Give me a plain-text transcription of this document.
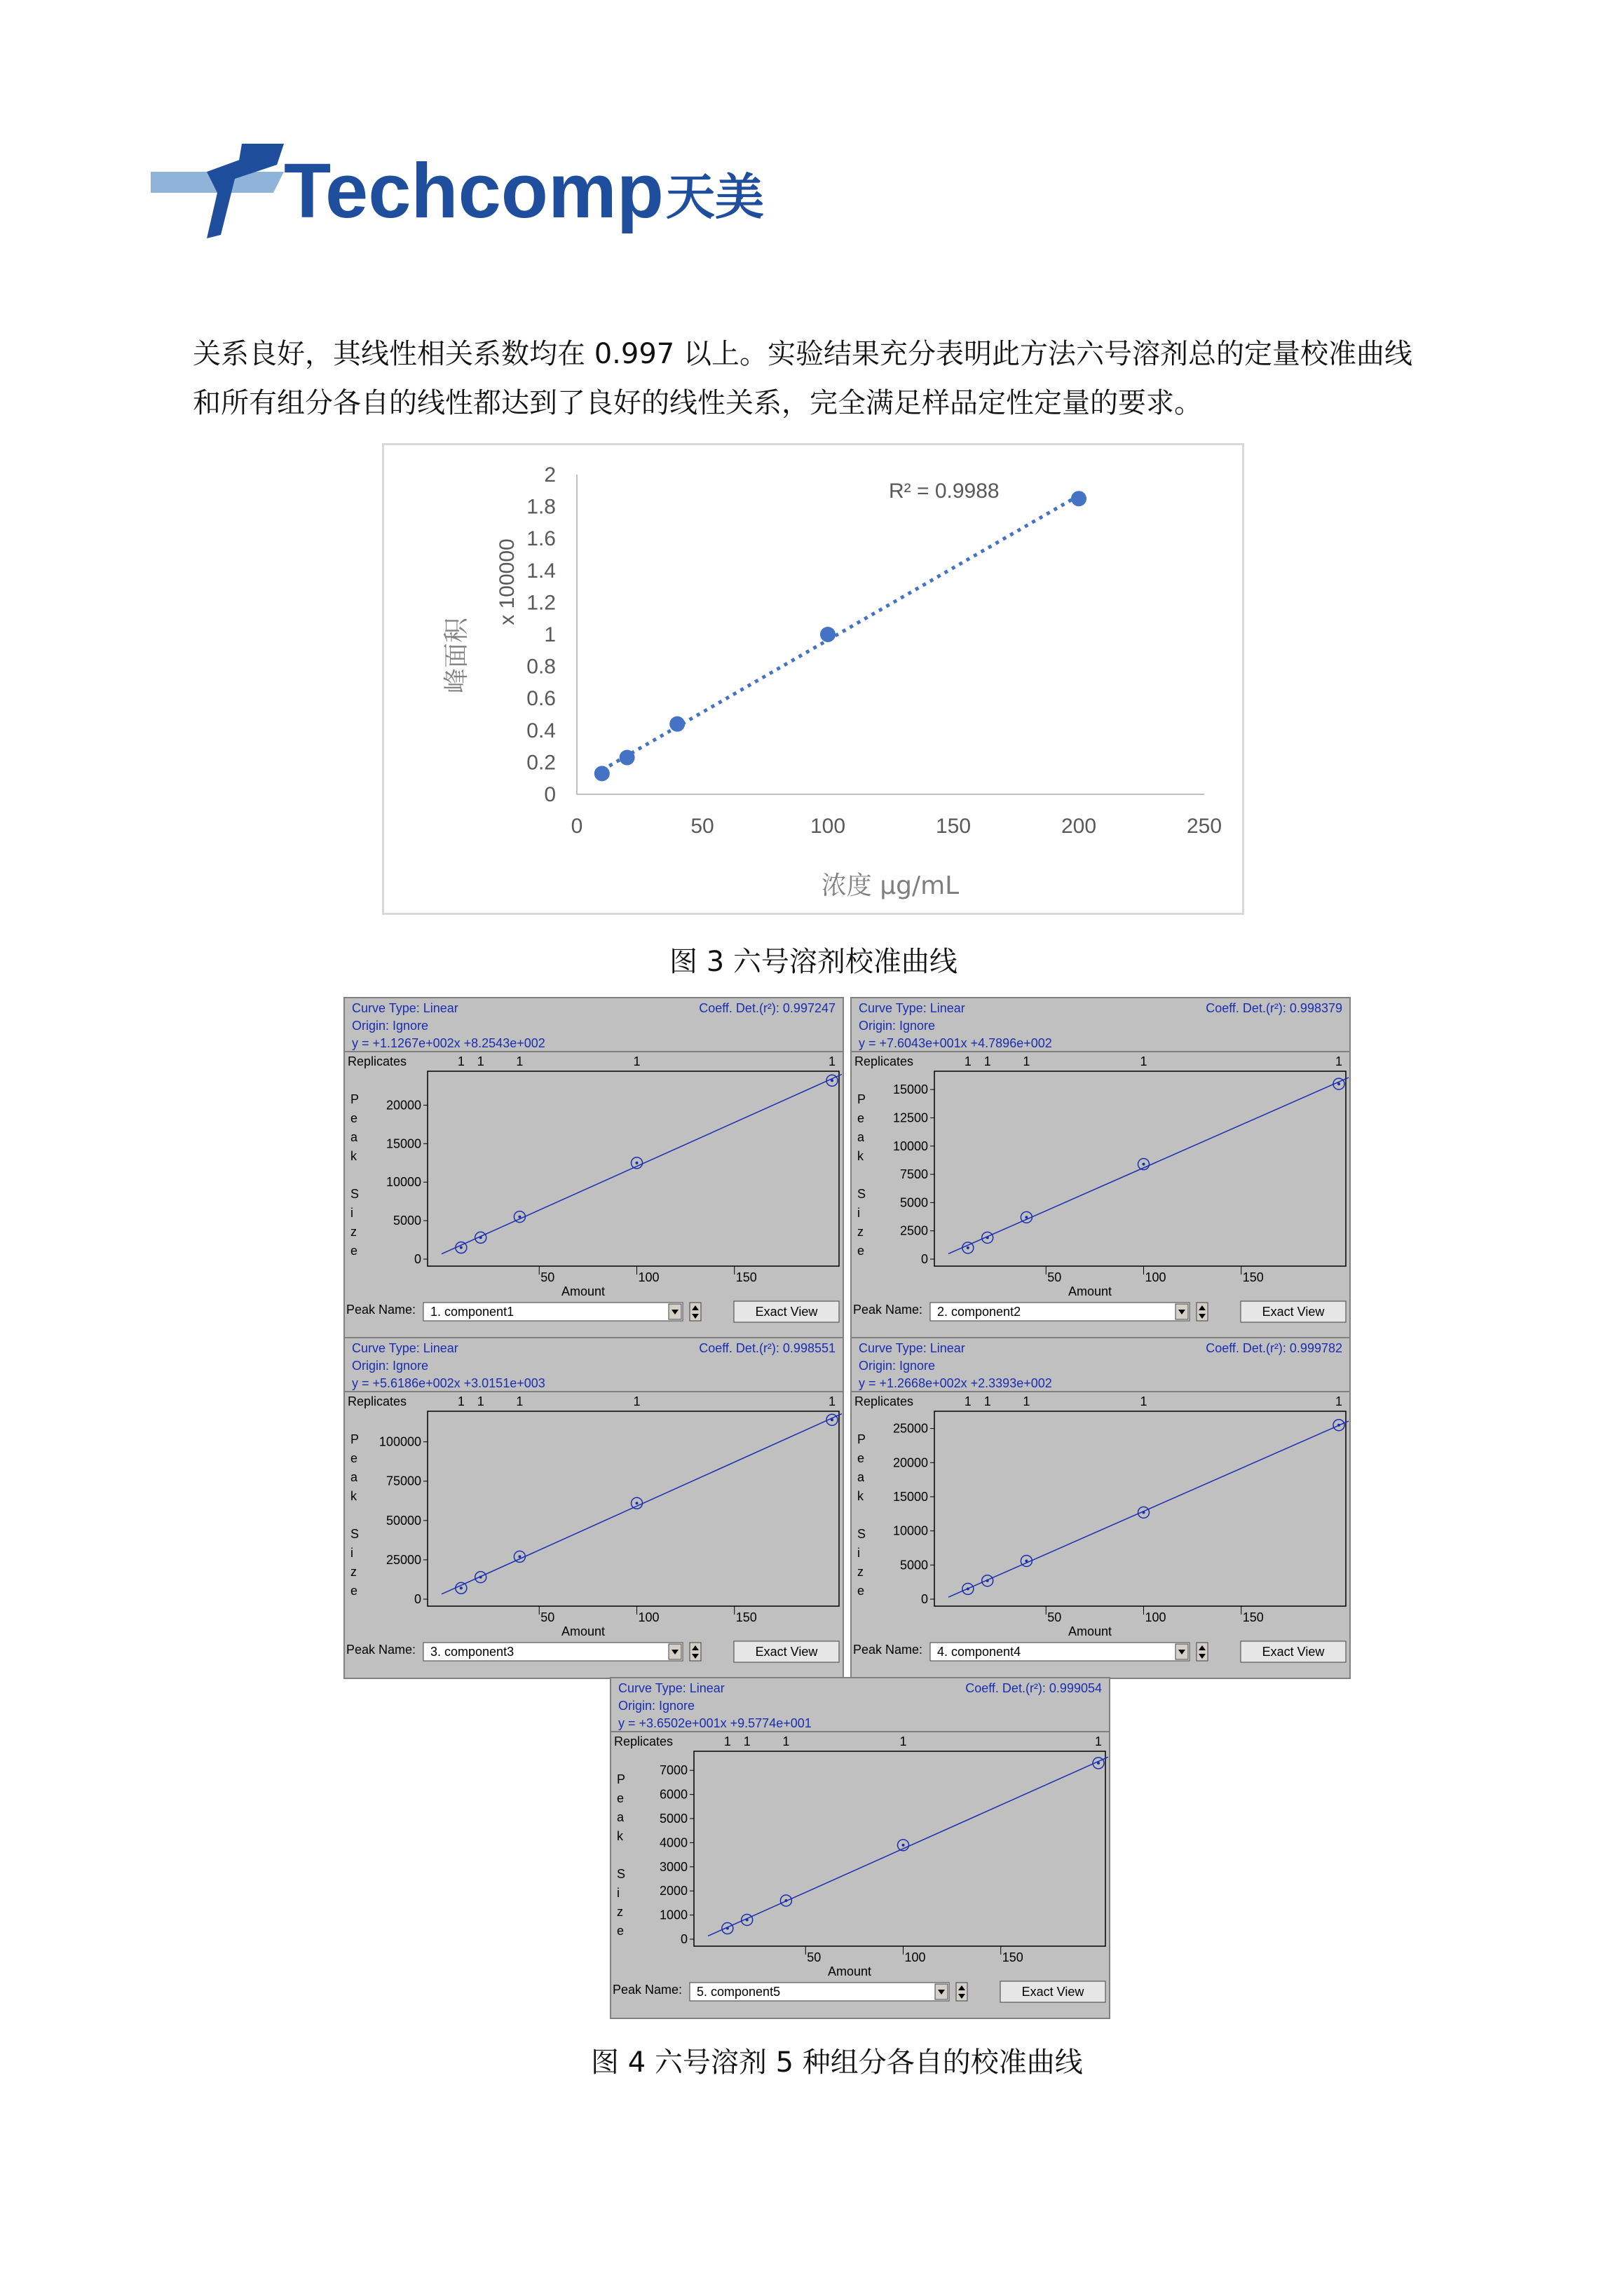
Techcomp 天美
关系良好，其线性相关系数均在 0.997 以上。实验结果充分表明此方法六号溶剂总的定量校准曲线
和所有组分各自的线性都达到了良好的线性关系，完全满足样品定性定量的要求。
0
0.2
0.4
0.6
0.8
1
1.2
1.4
1.6
1.8
2
0	50	100	150	200	250
R² = 0.9988
x 100000
峰面积
浓度 μg/mL
图 3 六号溶剂校准曲线
Curve Type: Linear
Origin: Ignore
y = +1.1267e+002x +8.2543e+002
Coeff. Det.(r²): 0.997247
Replicates	1 1	1	1	1
0
5000
10000
15000
20000
P
e
a
k
S
i
z
e
50	100	150
Amount
Peak Name: 1. component1	Exact View
Curve Type: Linear
Origin: Ignore
y = +7.6043e+001x +4.7896e+002
Coeff. Det.(r²): 0.998379
Replicates	1 1	1	1	1
0
2500
5000
7500
10000
12500
15000
P
e
a
k
S
i
z
e
50	100	150
Amount
Peak Name: 2. component2	Exact View
Curve Type: Linear
Origin: Ignore
y = +5.6186e+002x +3.0151e+003
Coeff. Det.(r²): 0.998551
Replicates	1 1	1	1	1
0
25000
50000
75000
100000
P
e
a
k
S
i
z
e
50	100	150
Amount
Peak Name: 3. component3	Exact View
Curve Type: Linear
Origin: Ignore
y = +1.2668e+002x +2.3393e+002
Coeff. Det.(r²): 0.999782
Replicates	1 1	1	1	1
0
5000
10000
15000
20000
25000
P
e
a
k
S
i
z
e
50	100	150
Amount
Peak Name: 4. component4	Exact View
Curve Type: Linear
Origin: Ignore
y = +3.6502e+001x +9.5774e+001
Coeff. Det.(r²): 0.999054
Replicates	1 1	1	1	1
0
1000
2000
3000
4000
5000
6000
7000
P
e
a
k
S
i
z
e
50	100	150
Amount
Peak Name: 5. component5	Exact View
图 4 六号溶剂 5 种组分各自的校准曲线
